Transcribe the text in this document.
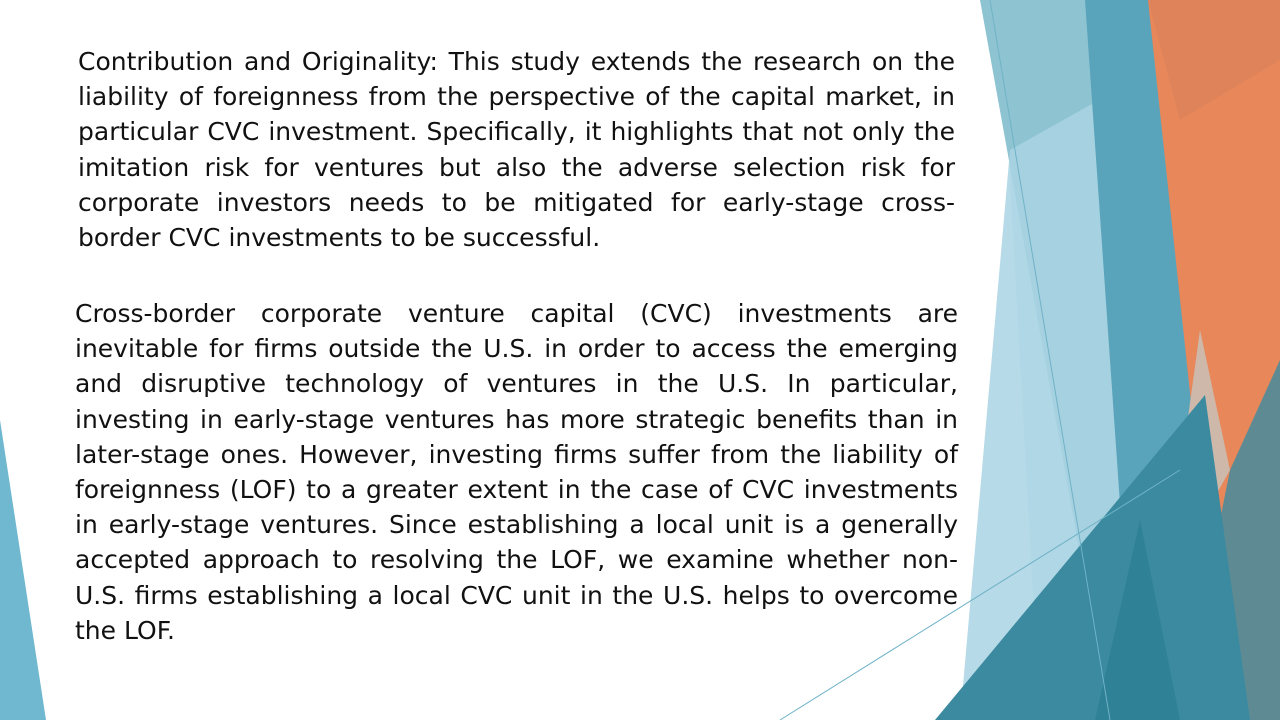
Contribution and Originality: This study extends the research on the liability of foreignness from the perspective of the capital market, in particular CVC investment. Specifically, it highlights that not only the imitation risk for ventures but also the adverse selection risk for corporate investors needs to be mitigated for early-stage cross-border CVC investments to be successful.

Cross-border corporate venture capital (CVC) investments are inevitable for firms outside the U.S. in order to access the emerging and disruptive technology of ventures in the U.S. In particular, investing in early-stage ventures has more strategic benefits than in later-stage ones. However, investing firms suffer from the liability of foreignness (LOF) to a greater extent in the case of CVC investments in early-stage ventures. Since establishing a local unit is a generally accepted approach to resolving the LOF, we examine whether non-U.S. firms establishing a local CVC unit in the U.S. helps to overcome the LOF.
